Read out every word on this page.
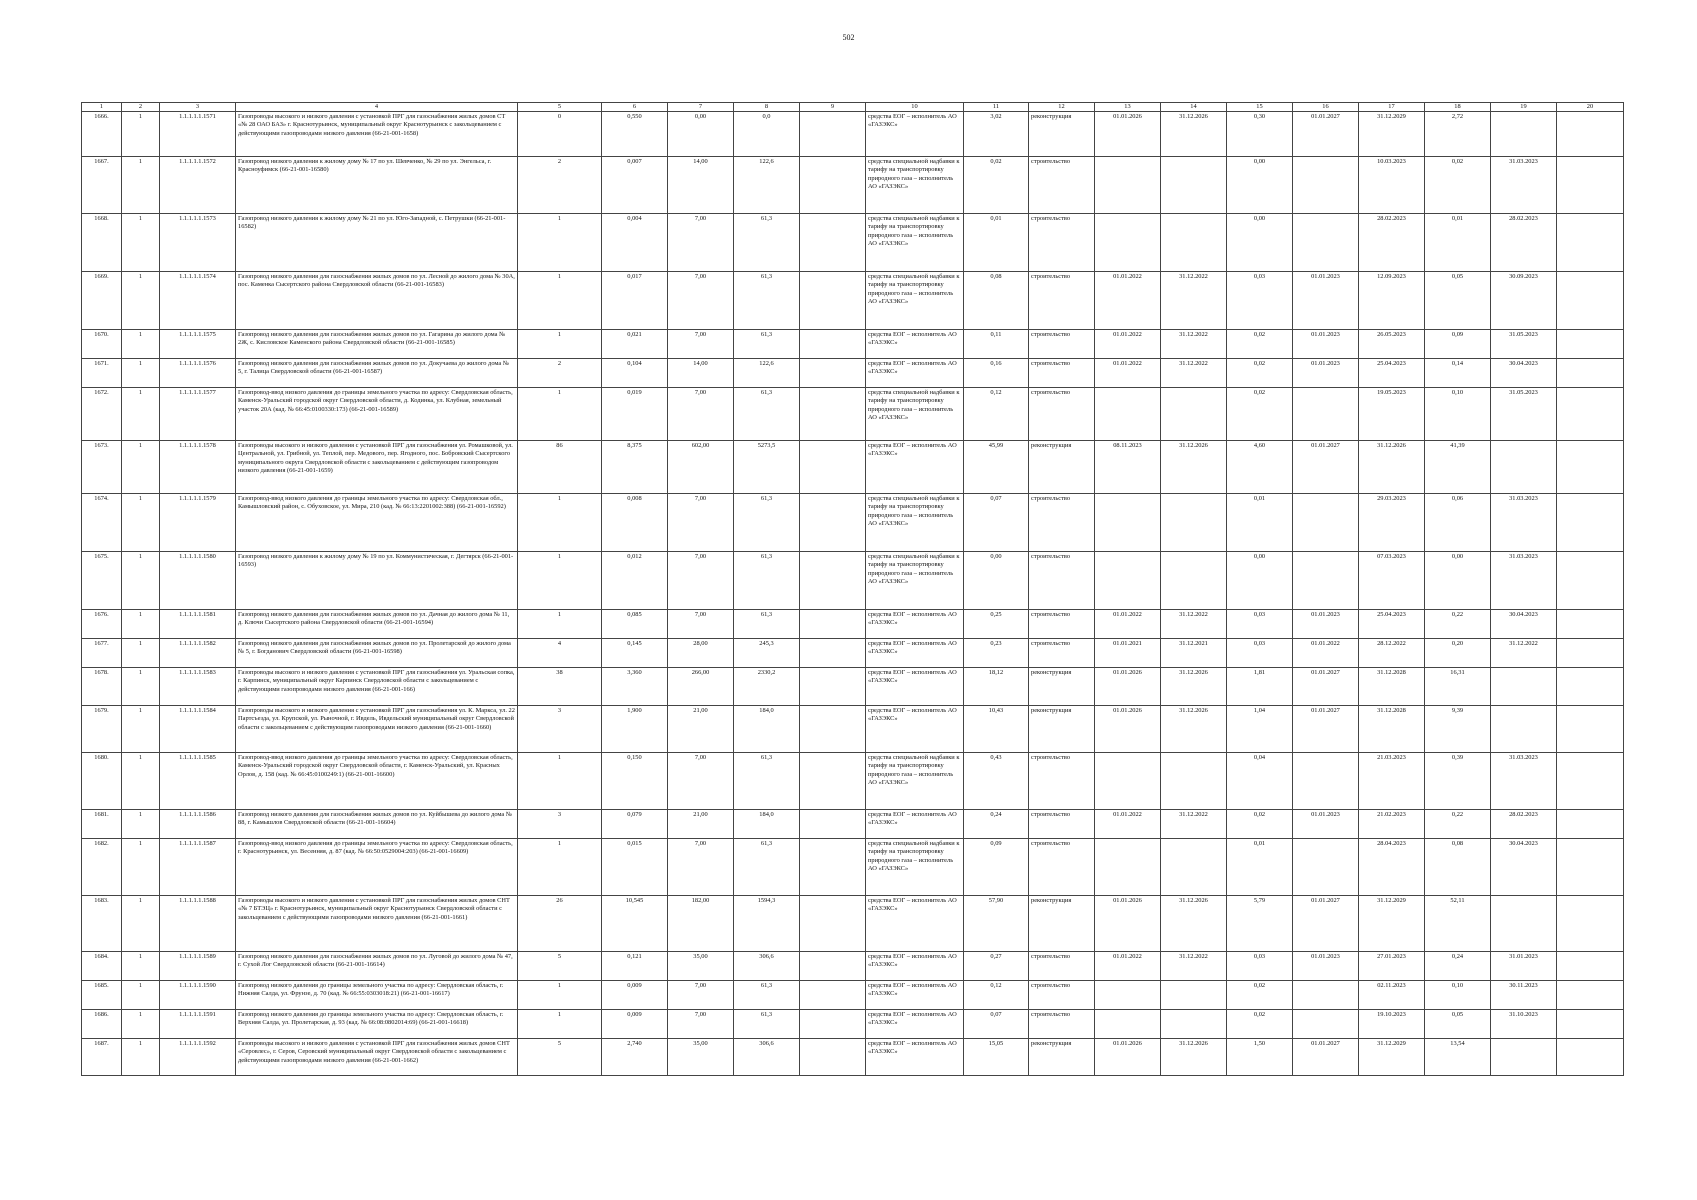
502
1	2	3	4	5	6	7	8	9	10	11	12	13	14	15	16	17	18	19	20
1666.	1	1.1.1.1.1.1571	Газопроводы высокого и низкого давления с установкой ПРГ для газоснабжения жилых домов СТ «№ 28 ОАО БАЗ» г. Краснотурьинск, муниципальный округ Краснотурьинск с закольцеванием с действующими газопроводами низкого давления (66-21-001-1658)	0	0,550	0,00	0,0		средства ЕОГ – исполнитель АО «ГАЗЭКС»	3,02	реконструкция	01.01.2026	31.12.2026	0,30	01.01.2027	31.12.2029	2,72		
1667.	1	1.1.1.1.1.1572	Газопровод низкого давления к жилому дому № 17 по ул. Шевченко, № 29 по ул. Энгельса, г. Красноуфимск (66-21-001-16580)	2	0,007	14,00	122,6		средства специальной надбавки к тарифу на транспортировку природного газа – исполнитель АО «ГАЗЭКС»	0,02	строительство			0,00		10.03.2023	0,02	31.03.2023	
1668.	1	1.1.1.1.1.1573	Газопровод низкого давления к жилому дому № 21 по ул. Юго-Западной, с. Петрушки (66-21-001-16582)	1	0,004	7,00	61,3		средства специальной надбавки к тарифу на транспортировку природного газа – исполнитель АО «ГАЗЭКС»	0,01	строительство			0,00		28.02.2023	0,01	28.02.2023	
1669.	1	1.1.1.1.1.1574	Газопровод низкого давления для газоснабжения жилых домов по ул. Лесной до жилого дома № 30А, пос. Каменка Сысертского района Свердловской области (66-21-001-16583)	1	0,017	7,00	61,3		средства специальной надбавки к тарифу на транспортировку природного газа – исполнитель АО «ГАЗЭКС»	0,08	строительство	01.01.2022	31.12.2022	0,03	01.01.2023	12.09.2023	0,05	30.09.2023	
1670.	1	1.1.1.1.1.1575	Газопровод низкого давления для газоснабжения жилых домов по ул. Гагарина до жилого дома № 2Ж, с. Кисловское Каменского района Свердловской области (66-21-001-16585)	1	0,021	7,00	61,3		средства ЕОГ – исполнитель АО «ГАЗЭКС»	0,11	строительство	01.01.2022	31.12.2022	0,02	01.01.2023	26.05.2023	0,09	31.05.2023	
1671.	1	1.1.1.1.1.1576	Газопровод низкого давления для газоснабжения жилых домов по ул. Докучаева до жилого дома № 5, г. Талица Свердловской области (66-21-001-16587)	2	0,104	14,00	122,6		средства ЕОГ – исполнитель АО «ГАЗЭКС»	0,16	строительство	01.01.2022	31.12.2022	0,02	01.01.2023	25.04.2023	0,14	30.04.2023	
1672.	1	1.1.1.1.1.1577	Газопровод-ввод низкого давления до границы земельного участка по адресу: Свердловская область, Каменск-Уральский городской округ Свердловской области, д. Кодинка, ул. Клубная, земельный участок 20А (кад. № 66:45:0100330:173) (66-21-001-16589)	1	0,019	7,00	61,3		средства специальной надбавки к тарифу на транспортировку природного газа – исполнитель АО «ГАЗЭКС»	0,12	строительство			0,02		19.05.2023	0,10	31.05.2023	
1673.	1	1.1.1.1.1.1578	Газопроводы высокого и низкого давления с установкой ПРГ для газоснабжения ул. Ромашковой, ул. Центральной, ул. Грибной, ул. Теплой, пер. Медового, пер. Ягодного, пос. Бобровский Сысертского муниципального округа Свердловской области с закольцеванием с действующим газопроводом низкого давления (66-21-001-1659)	86	8,375	602,00	5273,5		средства ЕОГ – исполнитель АО «ГАЗЭКС»	45,99	реконструкция	08.11.2023	31.12.2026	4,60	01.01.2027	31.12.2026	41,39		
1674.	1	1.1.1.1.1.1579	Газопровод-ввод низкого давления до границы земельного участка по адресу: Свердловская обл., Камышловский район, с. Обуховское, ул. Мира, 210 (кад. № 66:13:2201002:388) (66-21-001-16592)	1	0,008	7,00	61,3		средства специальной надбавки к тарифу на транспортировку природного газа – исполнитель АО «ГАЗЭКС»	0,07	строительство			0,01		29.03.2023	0,06	31.03.2023	
1675.	1	1.1.1.1.1.1580	Газопровод низкого давления к жилому дому № 19 по ул. Коммунистическая, г. Дегтярск (66-21-001-16593)	1	0,012	7,00	61,3		средства специальной надбавки к тарифу на транспортировку природного газа – исполнитель АО «ГАЗЭКС»	0,00	строительство			0,00		07.03.2023	0,00	31.03.2023	
1676.	1	1.1.1.1.1.1581	Газопровод низкого давления для газоснабжения жилых домов по ул. Дачная до жилого дома № 11, д. Ключи Сысертского района Свердловской области (66-21-001-16594)	1	0,085	7,00	61,3		средства ЕОГ – исполнитель АО «ГАЗЭКС»	0,25	строительство	01.01.2022	31.12.2022	0,03	01.01.2023	25.04.2023	0,22	30.04.2023	
1677.	1	1.1.1.1.1.1582	Газопровод низкого давления для газоснабжения жилых домов по ул. Пролетарской до жилого дома № 5, г. Богданович Свердловской области (66-21-001-16598)	4	0,145	28,00	245,3		средства ЕОГ – исполнитель АО «ГАЗЭКС»	0,23	строительство	01.01.2021	31.12.2021	0,03	01.01.2022	28.12.2022	0,20	31.12.2022	
1678.	1	1.1.1.1.1.1583	Газопроводы высокого и низкого давления с установкой ПРГ для газоснабжения ул. Уральская сопка, г. Карпинск, муниципальный округ Карпинск Свердловской области с закольцеванием с действующими газопроводами низкого давления (66-21-001-166)	38	3,360	266,00	2330,2		средства ЕОГ – исполнитель АО «ГАЗЭКС»	18,12	реконструкция	01.01.2026	31.12.2026	1,81	01.01.2027	31.12.2028	16,31		
1679.	1	1.1.1.1.1.1584	Газопроводы высокого и низкого давления с установкой ПРГ для газоснабжения ул. К. Маркса, ул. 22 Партсъезда, ул. Крупской, ул. Рыночной, г. Ивдель, Ивдельский муниципальный округ Свердловской области с закольцеванием с действующим газопроводами низкого давления (66-21-001-1660)	3	1,900	21,00	184,0		средства ЕОГ – исполнитель АО «ГАЗЭКС»	10,43	реконструкция	01.01.2026	31.12.2026	1,04	01.01.2027	31.12.2028	9,39		
1680.	1	1.1.1.1.1.1585	Газопровод-ввод низкого давления до границы земельного участка по адресу: Свердловская область, Каменск-Уральский городской округ Свердловской области, г. Каменск-Уральский, ул. Красных Орлов, д. 158 (кад. № 66:45:0100249:1) (66-21-001-16600)	1	0,150	7,00	61,3		средства специальной надбавки к тарифу на транспортировку природного газа – исполнитель АО «ГАЗЭКС»	0,43	строительство			0,04		21.03.2023	0,39	31.03.2023	
1681.	1	1.1.1.1.1.1586	Газопровод низкого давления для газоснабжения жилых домов по ул. Куйбышева до жилого дома № 88, г. Камышлов Свердловской области (66-21-001-16604)	3	0,079	21,00	184,0		средства ЕОГ – исполнитель АО «ГАЗЭКС»	0,24	строительство	01.01.2022	31.12.2022	0,02	01.01.2023	21.02.2023	0,22	28.02.2023	
1682.	1	1.1.1.1.1.1587	Газопровод-ввод низкого давления до границы земельного участка по адресу: Свердловская область, г. Краснотурьинск, ул. Весенняя, д. 87 (кад. № 66:50:0529004:203) (66-21-001-16609)	1	0,015	7,00	61,3		средства специальной надбавки к тарифу на транспортировку природного газа – исполнитель АО «ГАЗЭКС»	0,09	строительство			0,01		28.04.2023	0,08	30.04.2023	
1683.	1	1.1.1.1.1.1588	Газопроводы высокого и низкого давления с установкой ПРГ для газоснабжения жилых домов СНТ «№ 7 БТЭЦ» г. Краснотурьинск, муниципальный округ Краснотурьинск Свердловской области с закольцеванием с действующими газопроводами низкого давления (66-21-001-1661)	26	10,545	182,00	1594,3		средства ЕОГ – исполнитель АО «ГАЗЭКС»	57,90	реконструкция	01.01.2026	31.12.2026	5,79	01.01.2027	31.12.2029	52,11		
1684.	1	1.1.1.1.1.1589	Газопровод низкого давления для газоснабжения жилых домов по ул. Луговой до жилого дома № 47, г. Сухой Лог Свердловской области (66-21-001-16614)	5	0,121	35,00	306,6		средства ЕОГ – исполнитель АО «ГАЗЭКС»	0,27	строительство	01.01.2022	31.12.2022	0,03	01.01.2023	27.01.2023	0,24	31.01.2023	
1685.	1	1.1.1.1.1.1590	Газопровод низкого давления до границы земельного участка по адресу: Свердловская область, г. Нижняя Салда, ул. Фрунзе, д. 70 (кад. № 66:55:0303018:21) (66-21-001-16617)	1	0,009	7,00	61,3		средства ЕОГ – исполнитель АО «ГАЗЭКС»	0,12	строительство			0,02		02.11.2023	0,10	30.11.2023	
1686.	1	1.1.1.1.1.1591	Газопровод низкого давления до границы земельного участка по адресу: Свердловская область, г. Верхняя Салда, ул. Пролетарская, д. 93 (кад. № 66:08:0802014:69) (66-21-001-16618)	1	0,009	7,00	61,3		средства ЕОГ – исполнитель АО «ГАЗЭКС»	0,07	строительство			0,02		19.10.2023	0,05	31.10.2023	
1687.	1	1.1.1.1.1.1592	Газопроводы высокого и низкого давления с установкой ПРГ для газоснабжения жилых домов СНТ «Серовлес», г. Серов, Серовский муниципальный округ Свердловской области с закольцеванием с действующими газопроводами низкого давления (66-21-001-1662)	5	2,740	35,00	306,6		средства ЕОГ – исполнитель АО «ГАЗЭКС»	15,05	реконструкция	01.01.2026	31.12.2026	1,50	01.01.2027	31.12.2029	13,54		
